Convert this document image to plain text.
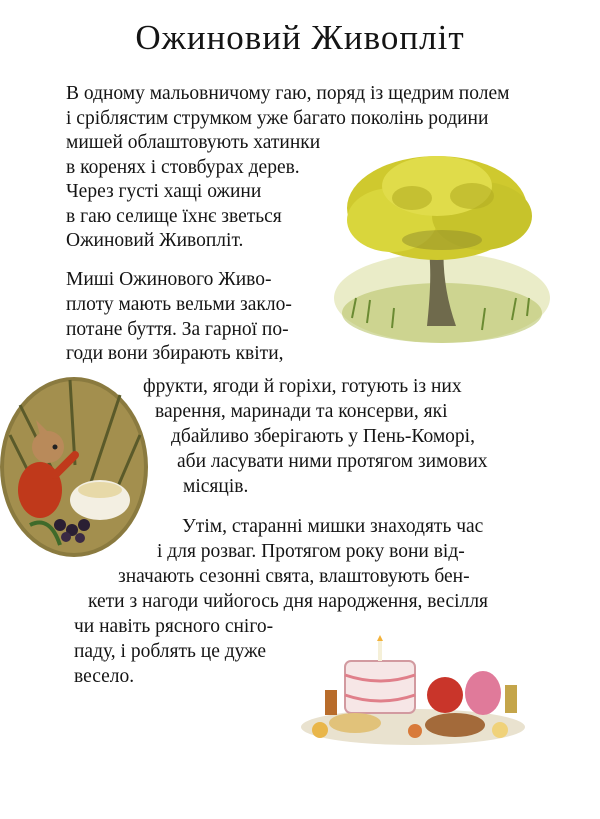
Ожиновий Живопліт
В одному мальовничому гаю, поряд із щедрим полем
і сріблястим струмком уже багато поколінь родини
мишей облаштовують хатинки
в коренях і стовбурах дерев.
Через густі хащі ожини
в гаю селище їхнє зветься
Ожиновий Живопліт.
Миші Ожинового Живо-
плоту мають вельми закло-
потане буття. За гарної по-
годи вони збирають квіти,
фрукти, ягоди й горіхи, готують із них
варення, маринади та консерви, які
дбайливо зберігають у Пень-Коморі,
аби ласувати ними протягом зимових
місяців.
Утім, старанні мишки знаходять час
і для розваг. Протягом року вони від-
значають сезонні свята, влаштовують бен-
кети з нагоди чийогось дня народження, весілля
чи навіть рясного сніго-
паду, і роблять це дуже
весело.
